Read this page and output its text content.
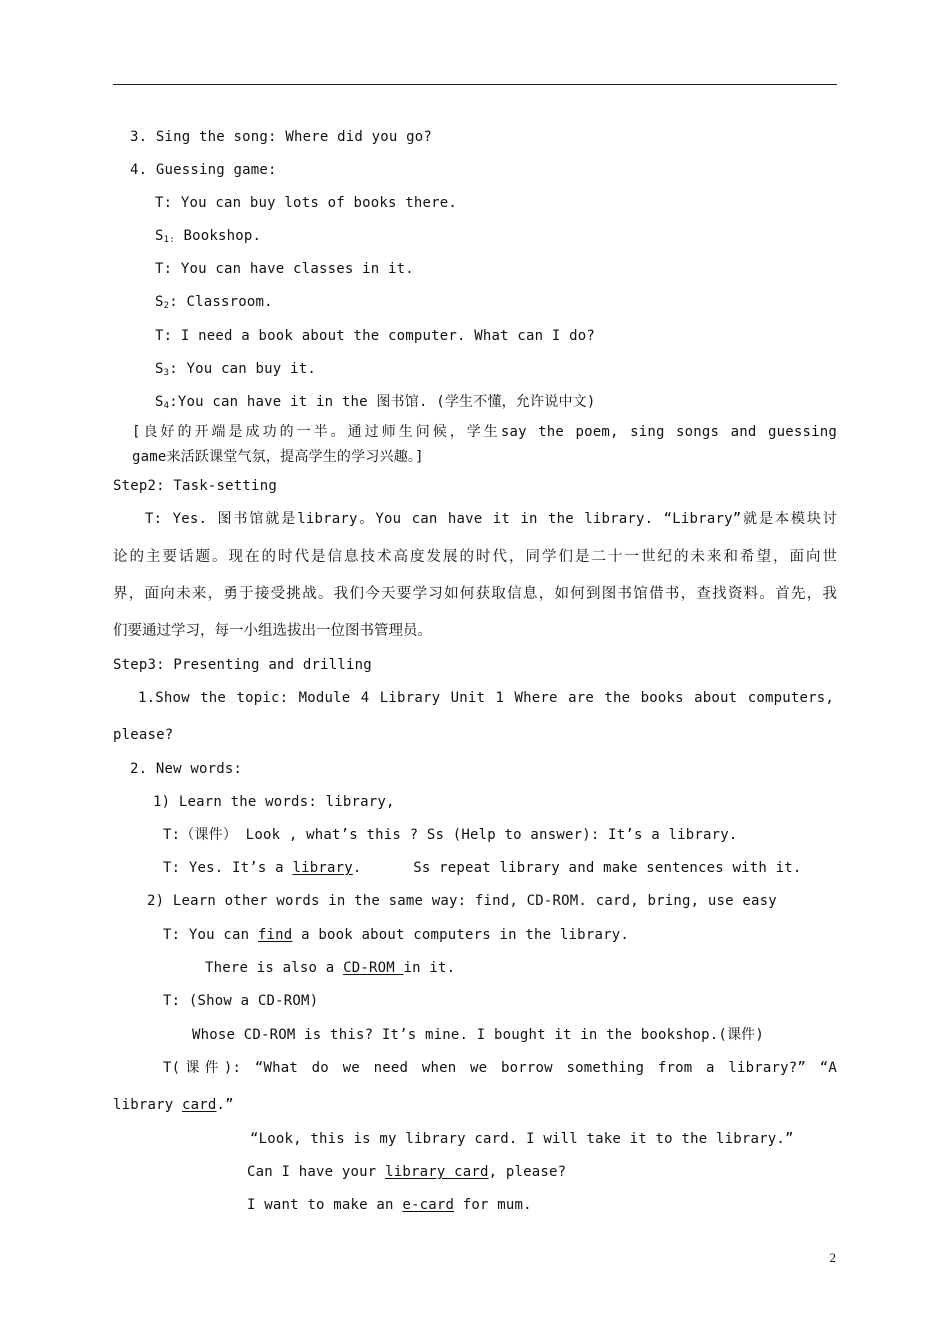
3. Sing the song: Where did you go?
4. Guessing game:
T: You can buy lots of books there.
$S_{1:}$ Bookshop.
T: You can have classes in it.
$S_2$: Classroom.
T: I need a book about the computer. What can I do?
$S_3$: You can buy it.
$S_4:You$ can have it in the 图书馆. (学生不懂，允许说中文)
[良好的开端是成功的一半。通过师生问候，学生say the poem, sing songs and guessing
game来活跃课堂气氛，提高学生的学习兴趣。]
Step2: Task-setting
T: Yes. 图书馆就是library。You can have it in the library. “Library”就是本模块讨
论的主要话题。现在的时代是信息技术高度发展的时代，同学们是二十一世纪的未来和希望，面向世
界，面向未来，勇于接受挑战。我们今天要学习如何获取信息，如何到图书馆借书，查找资料。首先，我
们要通过学习，每一小组选拔出一位图书管理员。
Step3: Presenting and drilling
1.Show the topic: Module 4 Library Unit 1 Where are the books about computers,
please?
2. New words:
1) Learn the words: library,
T:（课件） Look , what’s this ? Ss (Help to answer): It’s a library.
T: Yes. It’s a library.      Ss repeat library and make sentences with it.
2) Learn other words in the same way: find, CD-ROM. card, bring, use easy
T: You can find a book about computers in the library.
There is also a CD-ROM in it.
T: (Show a CD-ROM)
Whose CD-ROM is this? It’s mine. I bought it in the bookshop.(课件)
T(课件): “What do we need when we borrow something from a library?” “A
library card.”
“Look, this is my library card. I will take it to the library.”
Can I have your library card, please?
I want to make an e-card for mum.
2
